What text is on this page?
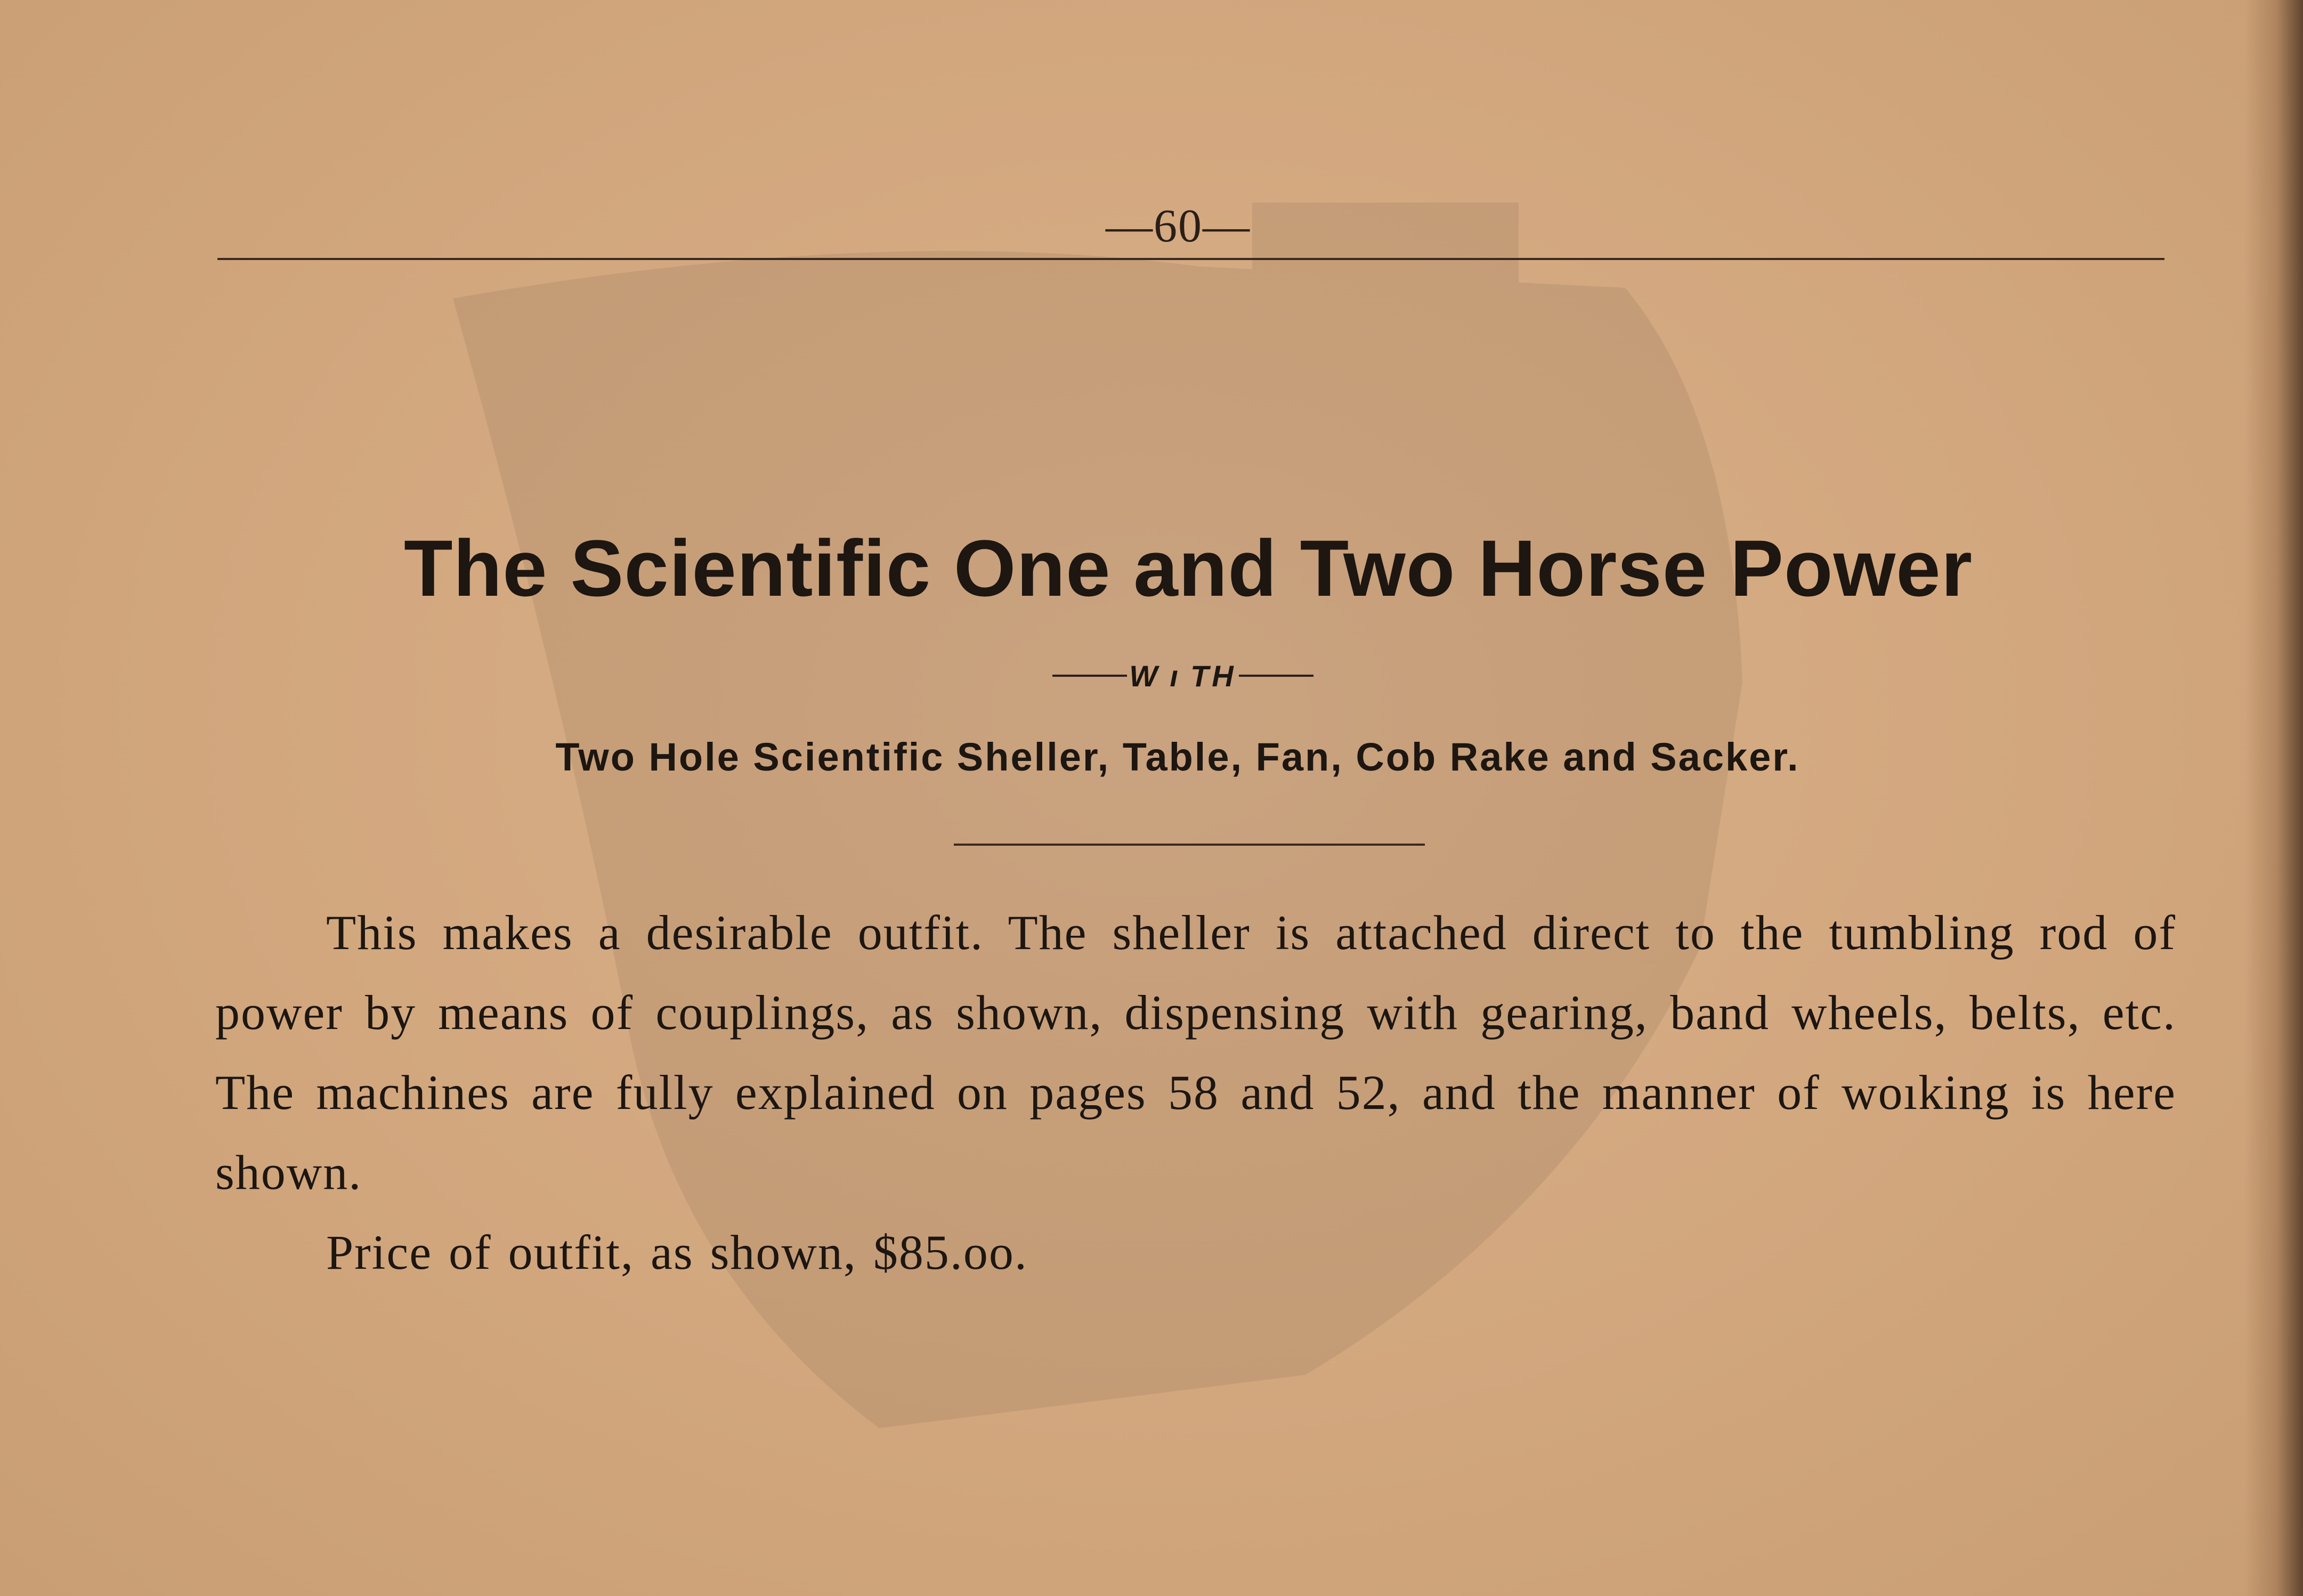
—60—
The Scientific One and Two Horse Power
W ı TH
Two Hole Scientific Sheller, Table, Fan, Cob Rake and Sacker.

This makes a desirable outfit. The sheller is attached direct to the tumbling rod of power by means of couplings, as shown, dispensing with gearing, band wheels, belts, etc. The machines are fully explained on pages 58 and 52, and the manner of woıking is here shown.

Price of outfit, as shown, $85.oo.
